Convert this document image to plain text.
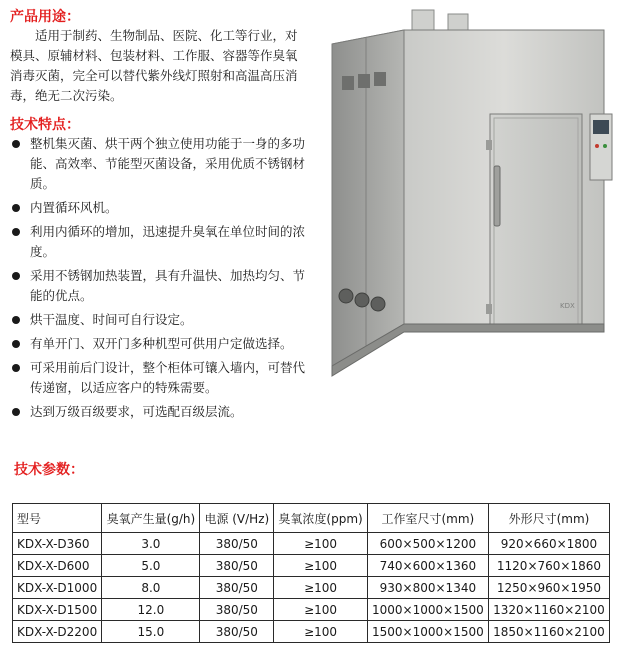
产品用途：
适用于制药、生物制品、医院、化工等行业，对模具、原辅材料、包装材料、工作服、容器等作臭氧消毒灭菌，完全可以替代紫外线灯照射和高温高压消毒，绝无二次污染。
技术特点：
整机集灭菌、烘干两个独立使用功能于一身的多功能、高效率、节能型灭菌设备，采用优质不锈钢材质。
内置循环风机。
利用内循环的增加，迅速提升臭氧在单位时间的浓度。
采用不锈钢加热装置，具有升温快、加热均匀、节能的优点。
烘干温度、时间可自行设定。
有单开门、双开门多种机型可供用户定做选择。
可采用前后门设计，整个柜体可镶入墙内，可替代传递窗，以适应客户的特殊需要。
达到万级百级要求，可选配百级层流。
KDX
技术参数：
型号	臭氧产生量(g/h)	电源 (V/Hz)	臭氧浓度(ppm)	工作室尺寸(mm)	外形尺寸(mm)
KDX-X-D360	3.0	380/50	≥100	600×500×1200	920×660×1800
KDX-X-D600	5.0	380/50	≥100	740×600×1360	1120×760×1860
KDX-X-D1000	8.0	380/50	≥100	930×800×1340	1250×960×1950
KDX-X-D1500	12.0	380/50	≥100	1000×1000×1500	1320×1160×2100
KDX-X-D2200	15.0	380/50	≥100	1500×1000×1500	1850×1160×2100
